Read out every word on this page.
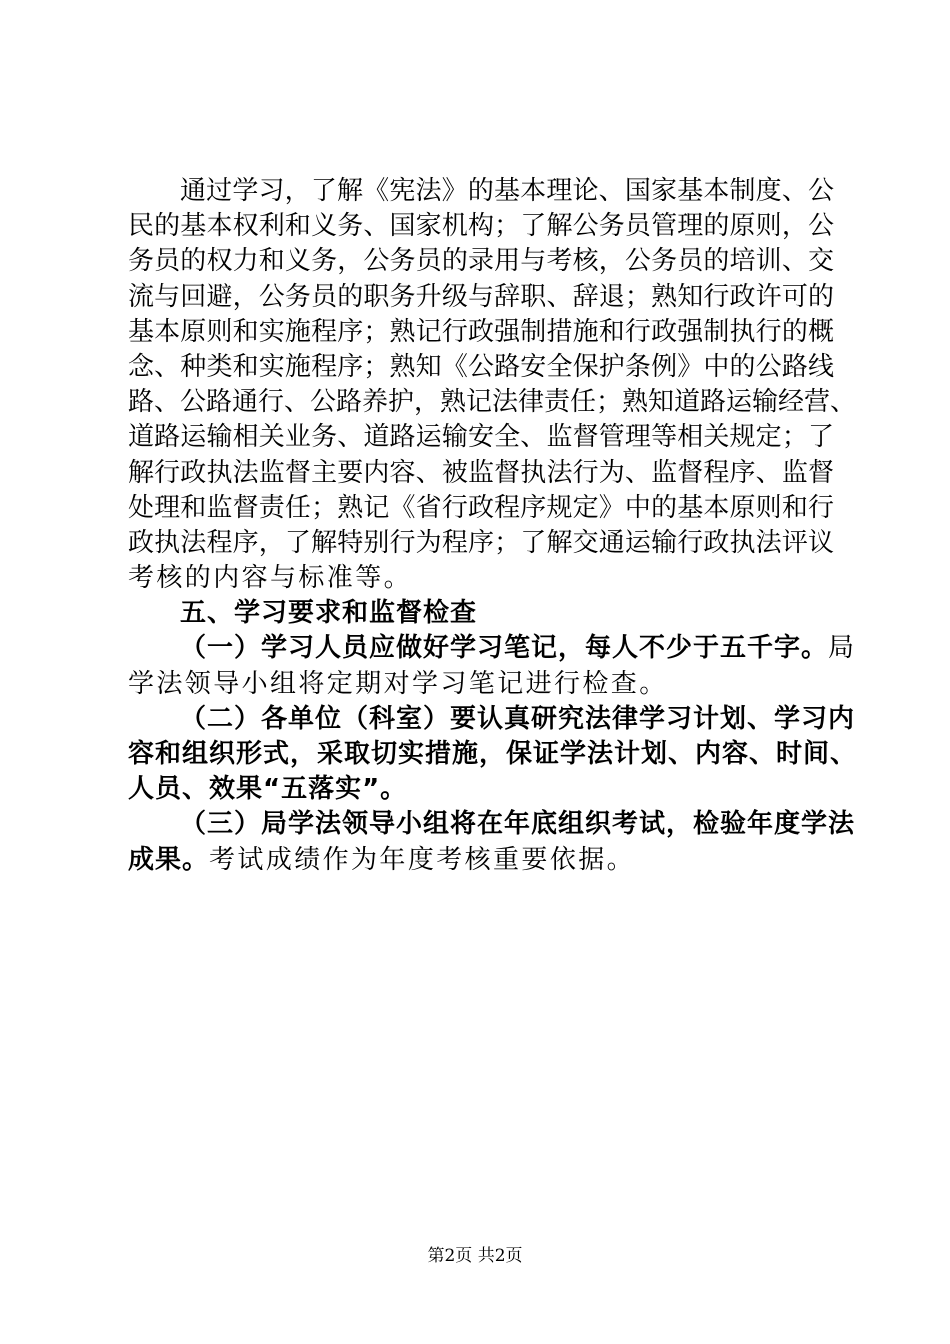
通过学习，了解《宪法》的基本理论、国家基本制度、公
民的基本权利和义务、国家机构；了解公务员管理的原则，公
务员的权力和义务，公务员的录用与考核，公务员的培训、交
流与回避，公务员的职务升级与辞职、辞退；熟知行政许可的
基本原则和实施程序；熟记行政强制措施和行政强制执行的概
念、种类和实施程序；熟知《公路安全保护条例》中的公路线
路、公路通行、公路养护，熟记法律责任；熟知道路运输经营、
道路运输相关业务、道路运输安全、监督管理等相关规定；了
解行政执法监督主要内容、被监督执法行为、监督程序、监督
处理和监督责任；熟记《省行政程序规定》中的基本原则和行
政执法程序，了解特别行为程序；了解交通运输行政执法评议
考核的内容与标准等。
五、学习要求和监督检查
（一）学习人员应做好学习笔记，每人不少于五千字。局
学法领导小组将定期对学习笔记进行检查。
（二）各单位（科室）要认真研究法律学习计划、学习内
容和组织形式，采取切实措施，保证学法计划、内容、时间、
人员、效果“五落实”。
（三）局学法领导小组将在年底组织考试，检验年度学法
成果。考试成绩作为年度考核重要依据。
第2页 共2页
